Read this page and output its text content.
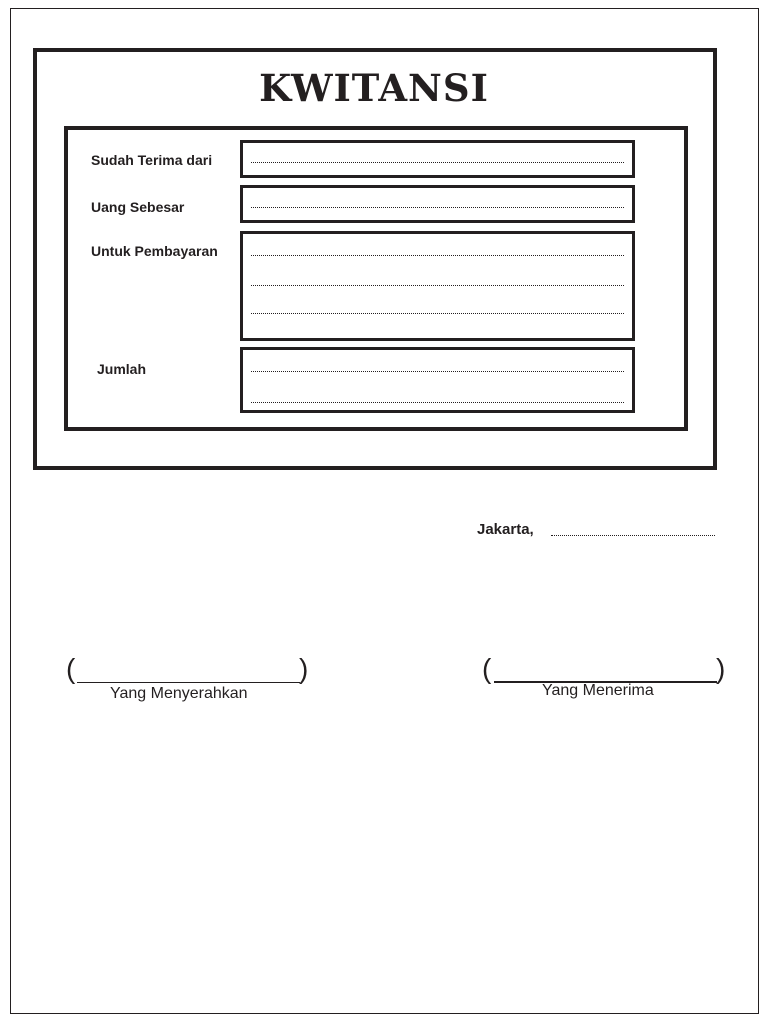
KWITANSI
Sudah Terima dari
Uang Sebesar
Untuk Pembayaran
Jumlah
Jakarta,
(	)
Yang Menyerahkan
(	)
Yang Menerima
